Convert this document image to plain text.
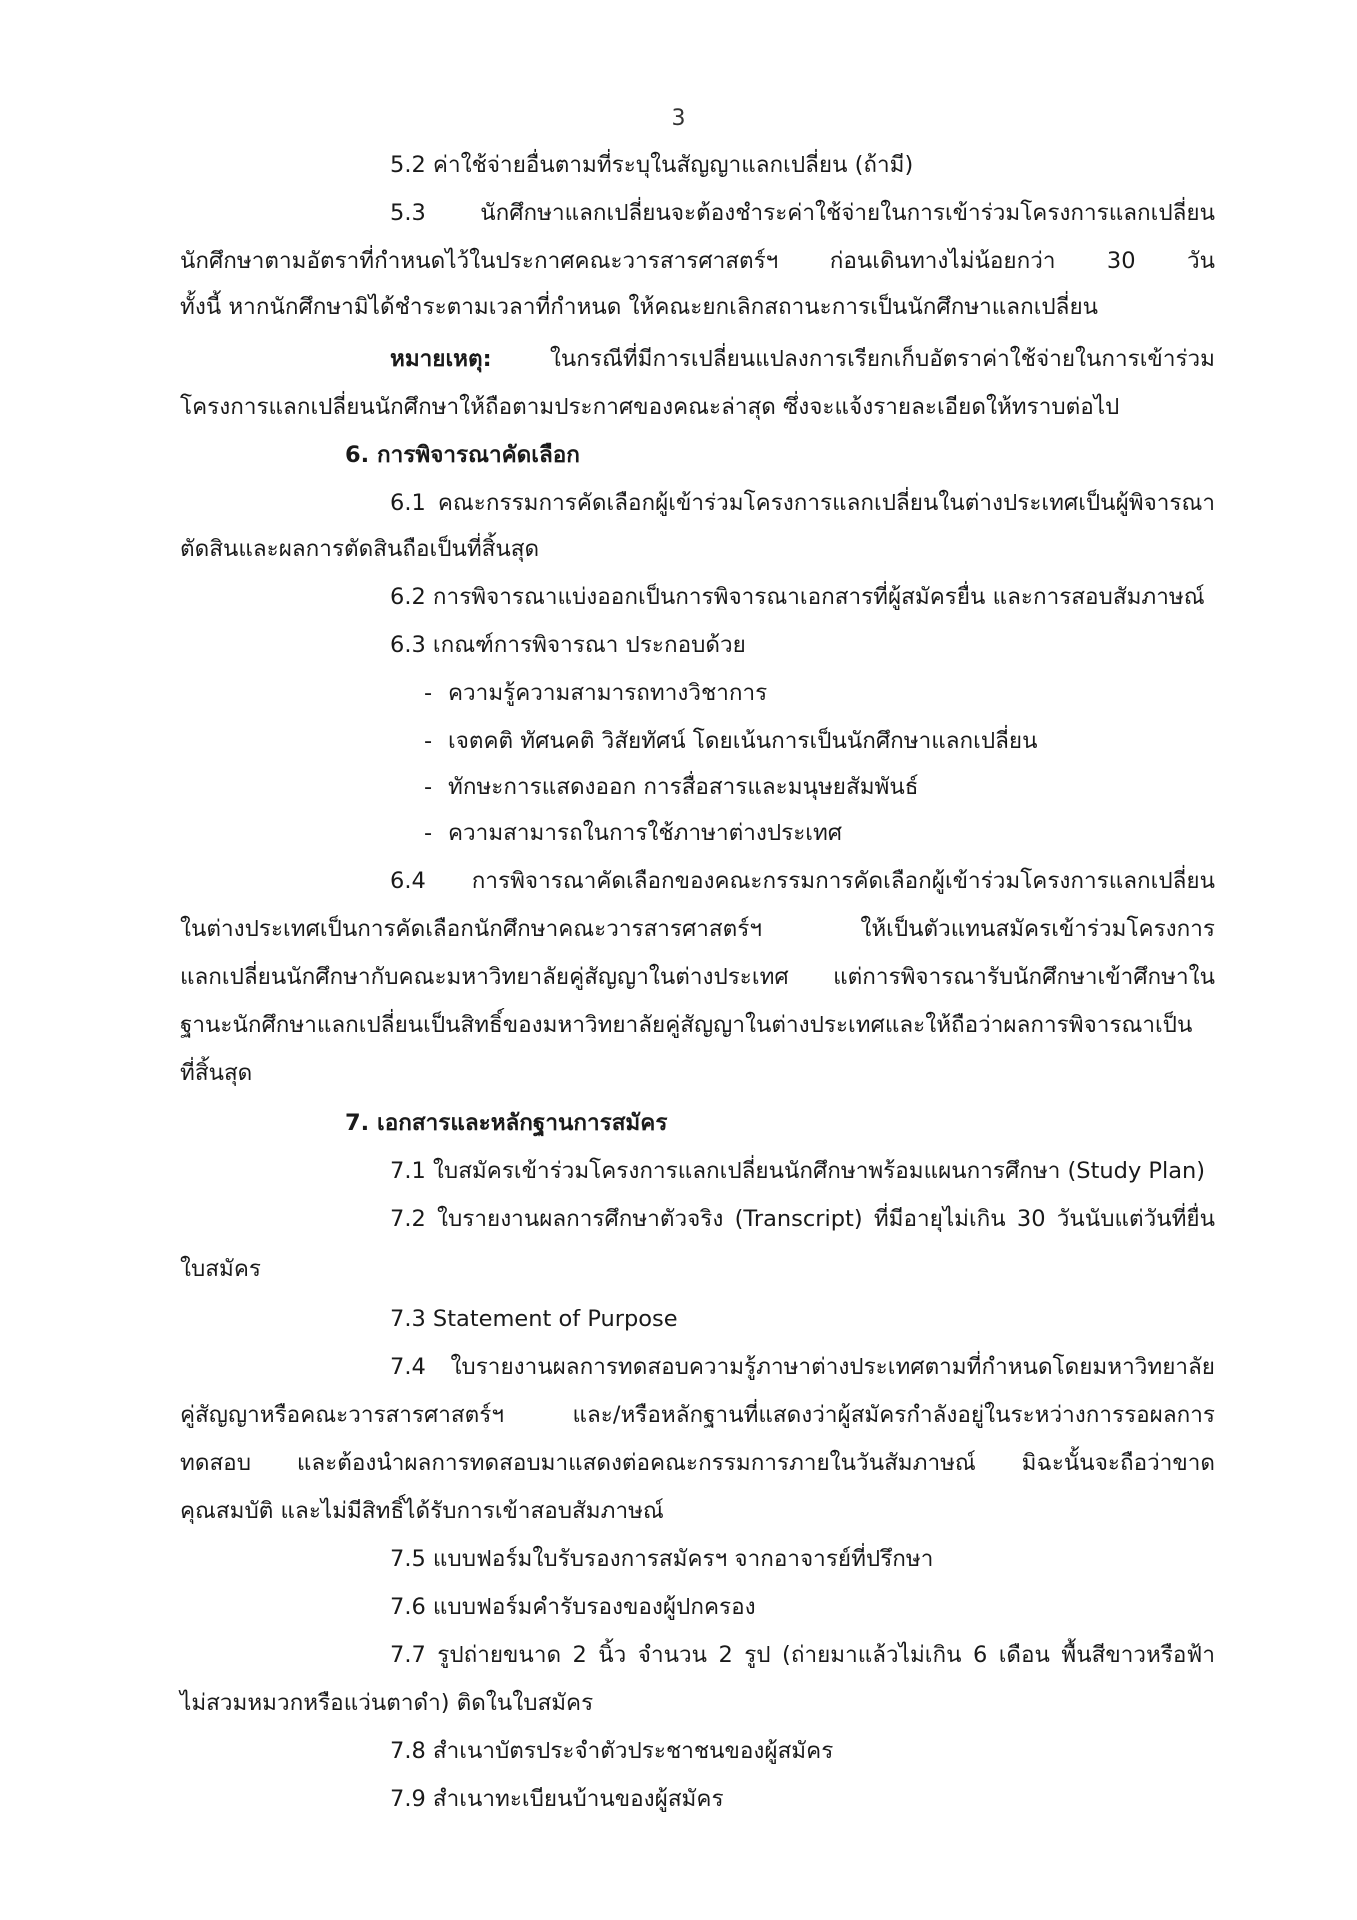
3
5.2 ค่าใช้จ่ายอื่นตามที่ระบุในสัญญาแลกเปลี่ยน (ถ้ามี)
5.3 นักศึกษาแลกเปลี่ยนจะต้องชำระค่าใช้จ่ายในการเข้าร่วมโครงการแลกเปลี่ยน
นักศึกษาตามอัตราที่กำหนดไว้ในประกาศคณะวารสารศาสตร์ฯ ก่อนเดินทางไม่น้อยกว่า 30 วัน
ทั้งนี้ หากนักศึกษามิได้ชำระตามเวลาที่กำหนด ให้คณะยกเลิกสถานะการเป็นนักศึกษาแลกเปลี่ยน
หมายเหตุ: ในกรณีที่มีการเปลี่ยนแปลงการเรียกเก็บอัตราค่าใช้จ่ายในการเข้าร่วม
โครงการแลกเปลี่ยนนักศึกษาให้ถือตามประกาศของคณะล่าสุด ซึ่งจะแจ้งรายละเอียดให้ทราบต่อไป
6. การพิจารณาคัดเลือก
6.1 คณะกรรมการคัดเลือกผู้เข้าร่วมโครงการแลกเปลี่ยนในต่างประเทศเป็นผู้พิจารณา
ตัดสินและผลการตัดสินถือเป็นที่สิ้นสุด
6.2 การพิจารณาแบ่งออกเป็นการพิจารณาเอกสารที่ผู้สมัครยื่น และการสอบสัมภาษณ์
6.3 เกณฑ์การพิจารณา ประกอบด้วย
- ความรู้ความสามารถทางวิชาการ
- เจตคติ ทัศนคติ วิสัยทัศน์ โดยเน้นการเป็นนักศึกษาแลกเปลี่ยน
- ทักษะการแสดงออก การสื่อสารและมนุษยสัมพันธ์
- ความสามารถในการใช้ภาษาต่างประเทศ
6.4 การพิจารณาคัดเลือกของคณะกรรมการคัดเลือกผู้เข้าร่วมโครงการแลกเปลี่ยน
ในต่างประเทศเป็นการคัดเลือกนักศึกษาคณะวารสารศาสตร์ฯ ให้เป็นตัวแทนสมัครเข้าร่วมโครงการ
แลกเปลี่ยนนักศึกษากับคณะมหาวิทยาลัยคู่สัญญาในต่างประเทศ แต่การพิจารณารับนักศึกษาเข้าศึกษาใน
ฐานะนักศึกษาแลกเปลี่ยนเป็นสิทธิ์ของมหาวิทยาลัยคู่สัญญาในต่างประเทศและให้ถือว่าผลการพิจารณาเป็น
ที่สิ้นสุด
7. เอกสารและหลักฐานการสมัคร
7.1 ใบสมัครเข้าร่วมโครงการแลกเปลี่ยนนักศึกษาพร้อมแผนการศึกษา (Study Plan)
7.2 ใบรายงานผลการศึกษาตัวจริง (Transcript) ที่มีอายุไม่เกิน 30 วันนับแต่วันที่ยื่น
ใบสมัคร
7.3 Statement of Purpose
7.4 ใบรายงานผลการทดสอบความรู้ภาษาต่างประเทศตามที่กำหนดโดยมหาวิทยาลัย
คู่สัญญาหรือคณะวารสารศาสตร์ฯ และ/หรือหลักฐานที่แสดงว่าผู้สมัครกำลังอยู่ในระหว่างการรอผลการ
ทดสอบ และต้องนำผลการทดสอบมาแสดงต่อคณะกรรมการภายในวันสัมภาษณ์ มิฉะนั้นจะถือว่าขาด
คุณสมบัติ และไม่มีสิทธิ์ได้รับการเข้าสอบสัมภาษณ์
7.5 แบบฟอร์มใบรับรองการสมัครฯ จากอาจารย์ที่ปรึกษา
7.6 แบบฟอร์มคำรับรองของผู้ปกครอง
7.7 รูปถ่ายขนาด 2 นิ้ว จำนวน 2 รูป (ถ่ายมาแล้วไม่เกิน 6 เดือน พื้นสีขาวหรือฟ้า
ไม่สวมหมวกหรือแว่นตาดำ) ติดในใบสมัคร
7.8 สำเนาบัตรประจำตัวประชาชนของผู้สมัคร
7.9 สำเนาทะเบียนบ้านของผู้สมัคร
